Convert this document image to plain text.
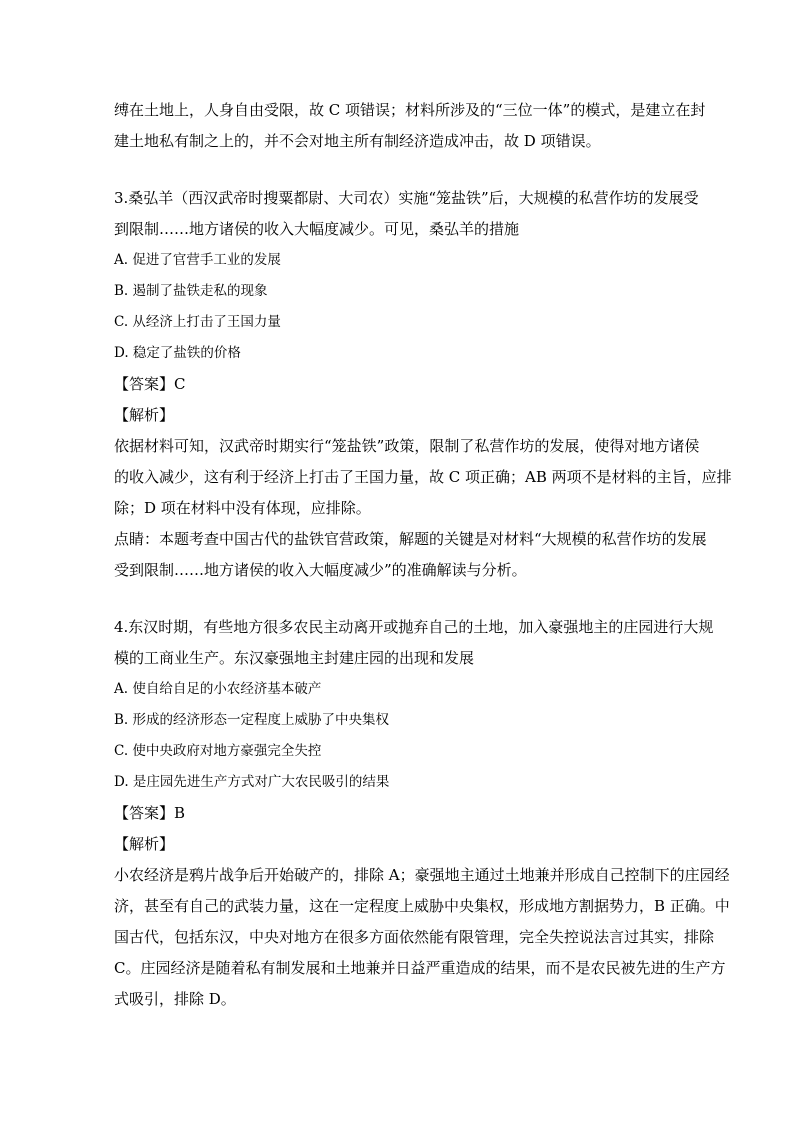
缚在土地上，人身自由受限，故 C 项错误；材料所涉及的“三位一体”的模式，是建立在封

建土地私有制之上的，并不会对地主所有制经济造成冲击，故 D 项错误。

3.桑弘羊（西汉武帝时搜粟都尉、大司农）实施“笼盐铁”后，大规模的私营作坊的发展受

到限制……地方诸侯的收入大幅度减少。可见，桑弘羊的措施

A. 促进了官营手工业的发展

B. 遏制了盐铁走私的现象

C. 从经济上打击了王国力量

D. 稳定了盐铁的价格

【答案】C

【解析】

依据材料可知，汉武帝时期实行“笼盐铁”政策，限制了私营作坊的发展，使得对地方诸侯

的收入减少，这有利于经济上打击了王国力量，故 C 项正确；AB 两项不是材料的主旨，应排

除；D 项在材料中没有体现，应排除。

点睛：本题考查中国古代的盐铁官营政策，解题的关键是对材料“大规模的私营作坊的发展

受到限制……地方诸侯的收入大幅度减少”的准确解读与分析。

4.东汉时期，有些地方很多农民主动离开或抛弃自己的土地，加入豪强地主的庄园进行大规

模的工商业生产。东汉豪强地主封建庄园的出现和发展

A. 使自给自足的小农经济基本破产

B. 形成的经济形态一定程度上威胁了中央集权

C. 使中央政府对地方豪强完全失控

D. 是庄园先进生产方式对广大农民吸引的结果

【答案】B

【解析】

小农经济是鸦片战争后开始破产的，排除 A；豪强地主通过土地兼并形成自己控制下的庄园经

济，甚至有自己的武装力量，这在一定程度上威胁中央集权，形成地方割据势力，B 正确。中

国古代，包括东汉，中央对地方在很多方面依然能有限管理，完全失控说法言过其实，排除

C。庄园经济是随着私有制发展和土地兼并日益严重造成的结果，而不是农民被先进的生产方

式吸引，排除 D。
